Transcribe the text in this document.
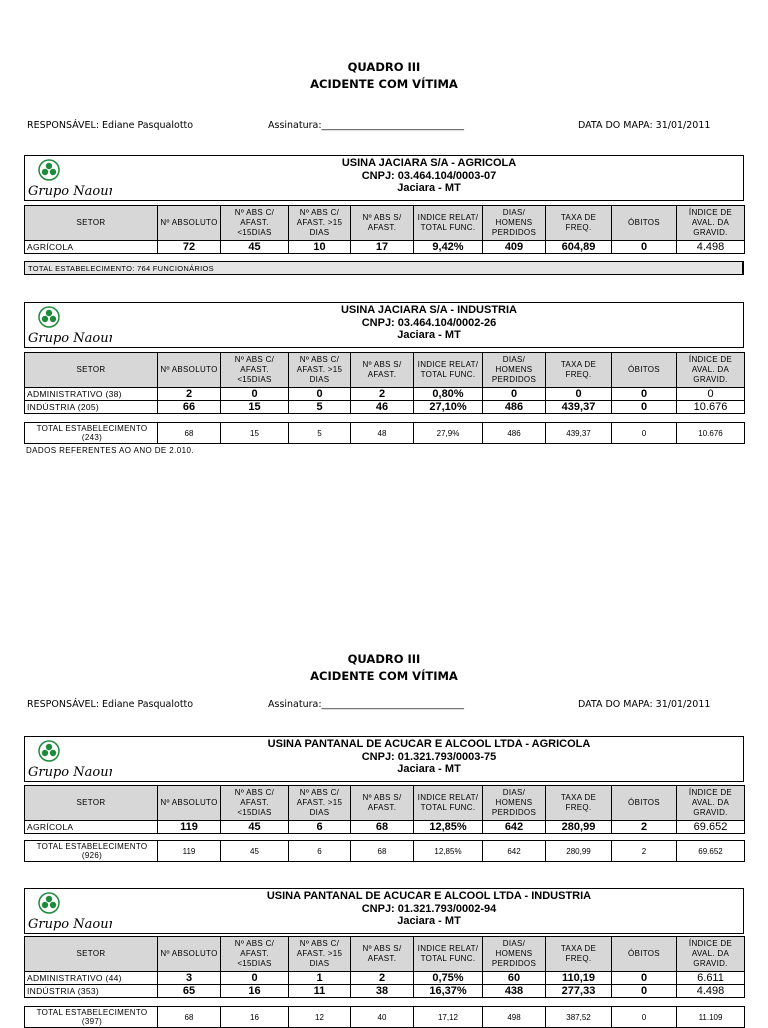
QUADRO III
ACIDENTE COM VÍTIMA
RESPONSÁVEL: Ediane Pasqualotto	Assinatura:______________________________	DATA DO MAPA: 31/01/2011
Grupo Naoum
USINA JACIARA S/A - AGRICOLA
CNPJ: 03.464.104/0003-07
Jaciara - MT
SETOR	Nº ABSOLUTO	Nº ABS C/ AFAST. <15DIAS	Nº ABS C/ AFAST. >15 DIAS	Nº ABS S/ AFAST.	INDICE RELAT/ TOTAL FUNC.	DIAS/ HOMENS PERDIDOS	TAXA DE FREQ.	ÓBITOS	ÍNDICE DE AVAL. DA GRAVID.
AGRÍCOLA	72	45	10	17	9,42%	409	604,89	0	4.498
TOTAL ESTABELECIMENTO: 764 FUNCIONÁRIOS
Grupo Naoum
USINA JACIARA S/A - INDUSTRIA
CNPJ: 03.464.104/0002-26
Jaciara - MT
SETOR	Nº ABSOLUTO	Nº ABS C/ AFAST. <15DIAS	Nº ABS C/ AFAST. >15 DIAS	Nº ABS S/ AFAST.	INDICE RELAT/ TOTAL FUNC.	DIAS/ HOMENS PERDIDOS	TAXA DE FREQ.	ÓBITOS	ÍNDICE DE AVAL. DA GRAVID.
ADMINISTRATIVO (38)	2	0	0	2	0,80%	0	0	0	0
INDÚSTRIA (205)	66	15	5	46	27,10%	486	439,37	0	10.676
TOTAL ESTABELECIMENTO (243)	68	15	5	48	27,9%	486	439,37	0	10.676
DADOS REFERENTES AO ANO DE 2.010.
QUADRO III
ACIDENTE COM VÍTIMA
RESPONSÁVEL: Ediane Pasqualotto	Assinatura:______________________________	DATA DO MAPA: 31/01/2011
Grupo Naoum
USINA PANTANAL DE ACUCAR E ALCOOL LTDA - AGRICOLA
CNPJ: 01.321.793/0003-75
Jaciara - MT
SETOR	Nº ABSOLUTO	Nº ABS C/ AFAST. <15DIAS	Nº ABS C/ AFAST. >15 DIAS	Nº ABS S/ AFAST.	INDICE RELAT/ TOTAL FUNC.	DIAS/ HOMENS PERDIDOS	TAXA DE FREQ.	ÓBITOS	ÍNDICE DE AVAL. DA GRAVID.
AGRÍCOLA	119	45	6	68	12,85%	642	280,99	2	69.652
TOTAL ESTABELECIMENTO (926)	119	45	6	68	12,85%	642	280,99	2	69.652
Grupo Naoum
USINA PANTANAL DE ACUCAR E ALCOOL LTDA - INDUSTRIA
CNPJ: 01.321.793/0002-94
Jaciara - MT
SETOR	Nº ABSOLUTO	Nº ABS C/ AFAST. <15DIAS	Nº ABS C/ AFAST. >15 DIAS	Nº ABS S/ AFAST.	INDICE RELAT/ TOTAL FUNC.	DIAS/ HOMENS PERDIDOS	TAXA DE FREQ.	ÓBITOS	ÍNDICE DE AVAL. DA GRAVID.
ADMINISTRATIVO (44)	3	0	1	2	0,75%	60	110,19	0	6.611
INDÚSTRIA (353)	65	16	11	38	16,37%	438	277,33	0	4.498
TOTAL ESTABELECIMENTO (397)	68	16	12	40	17,12	498	387,52	0	11.109
